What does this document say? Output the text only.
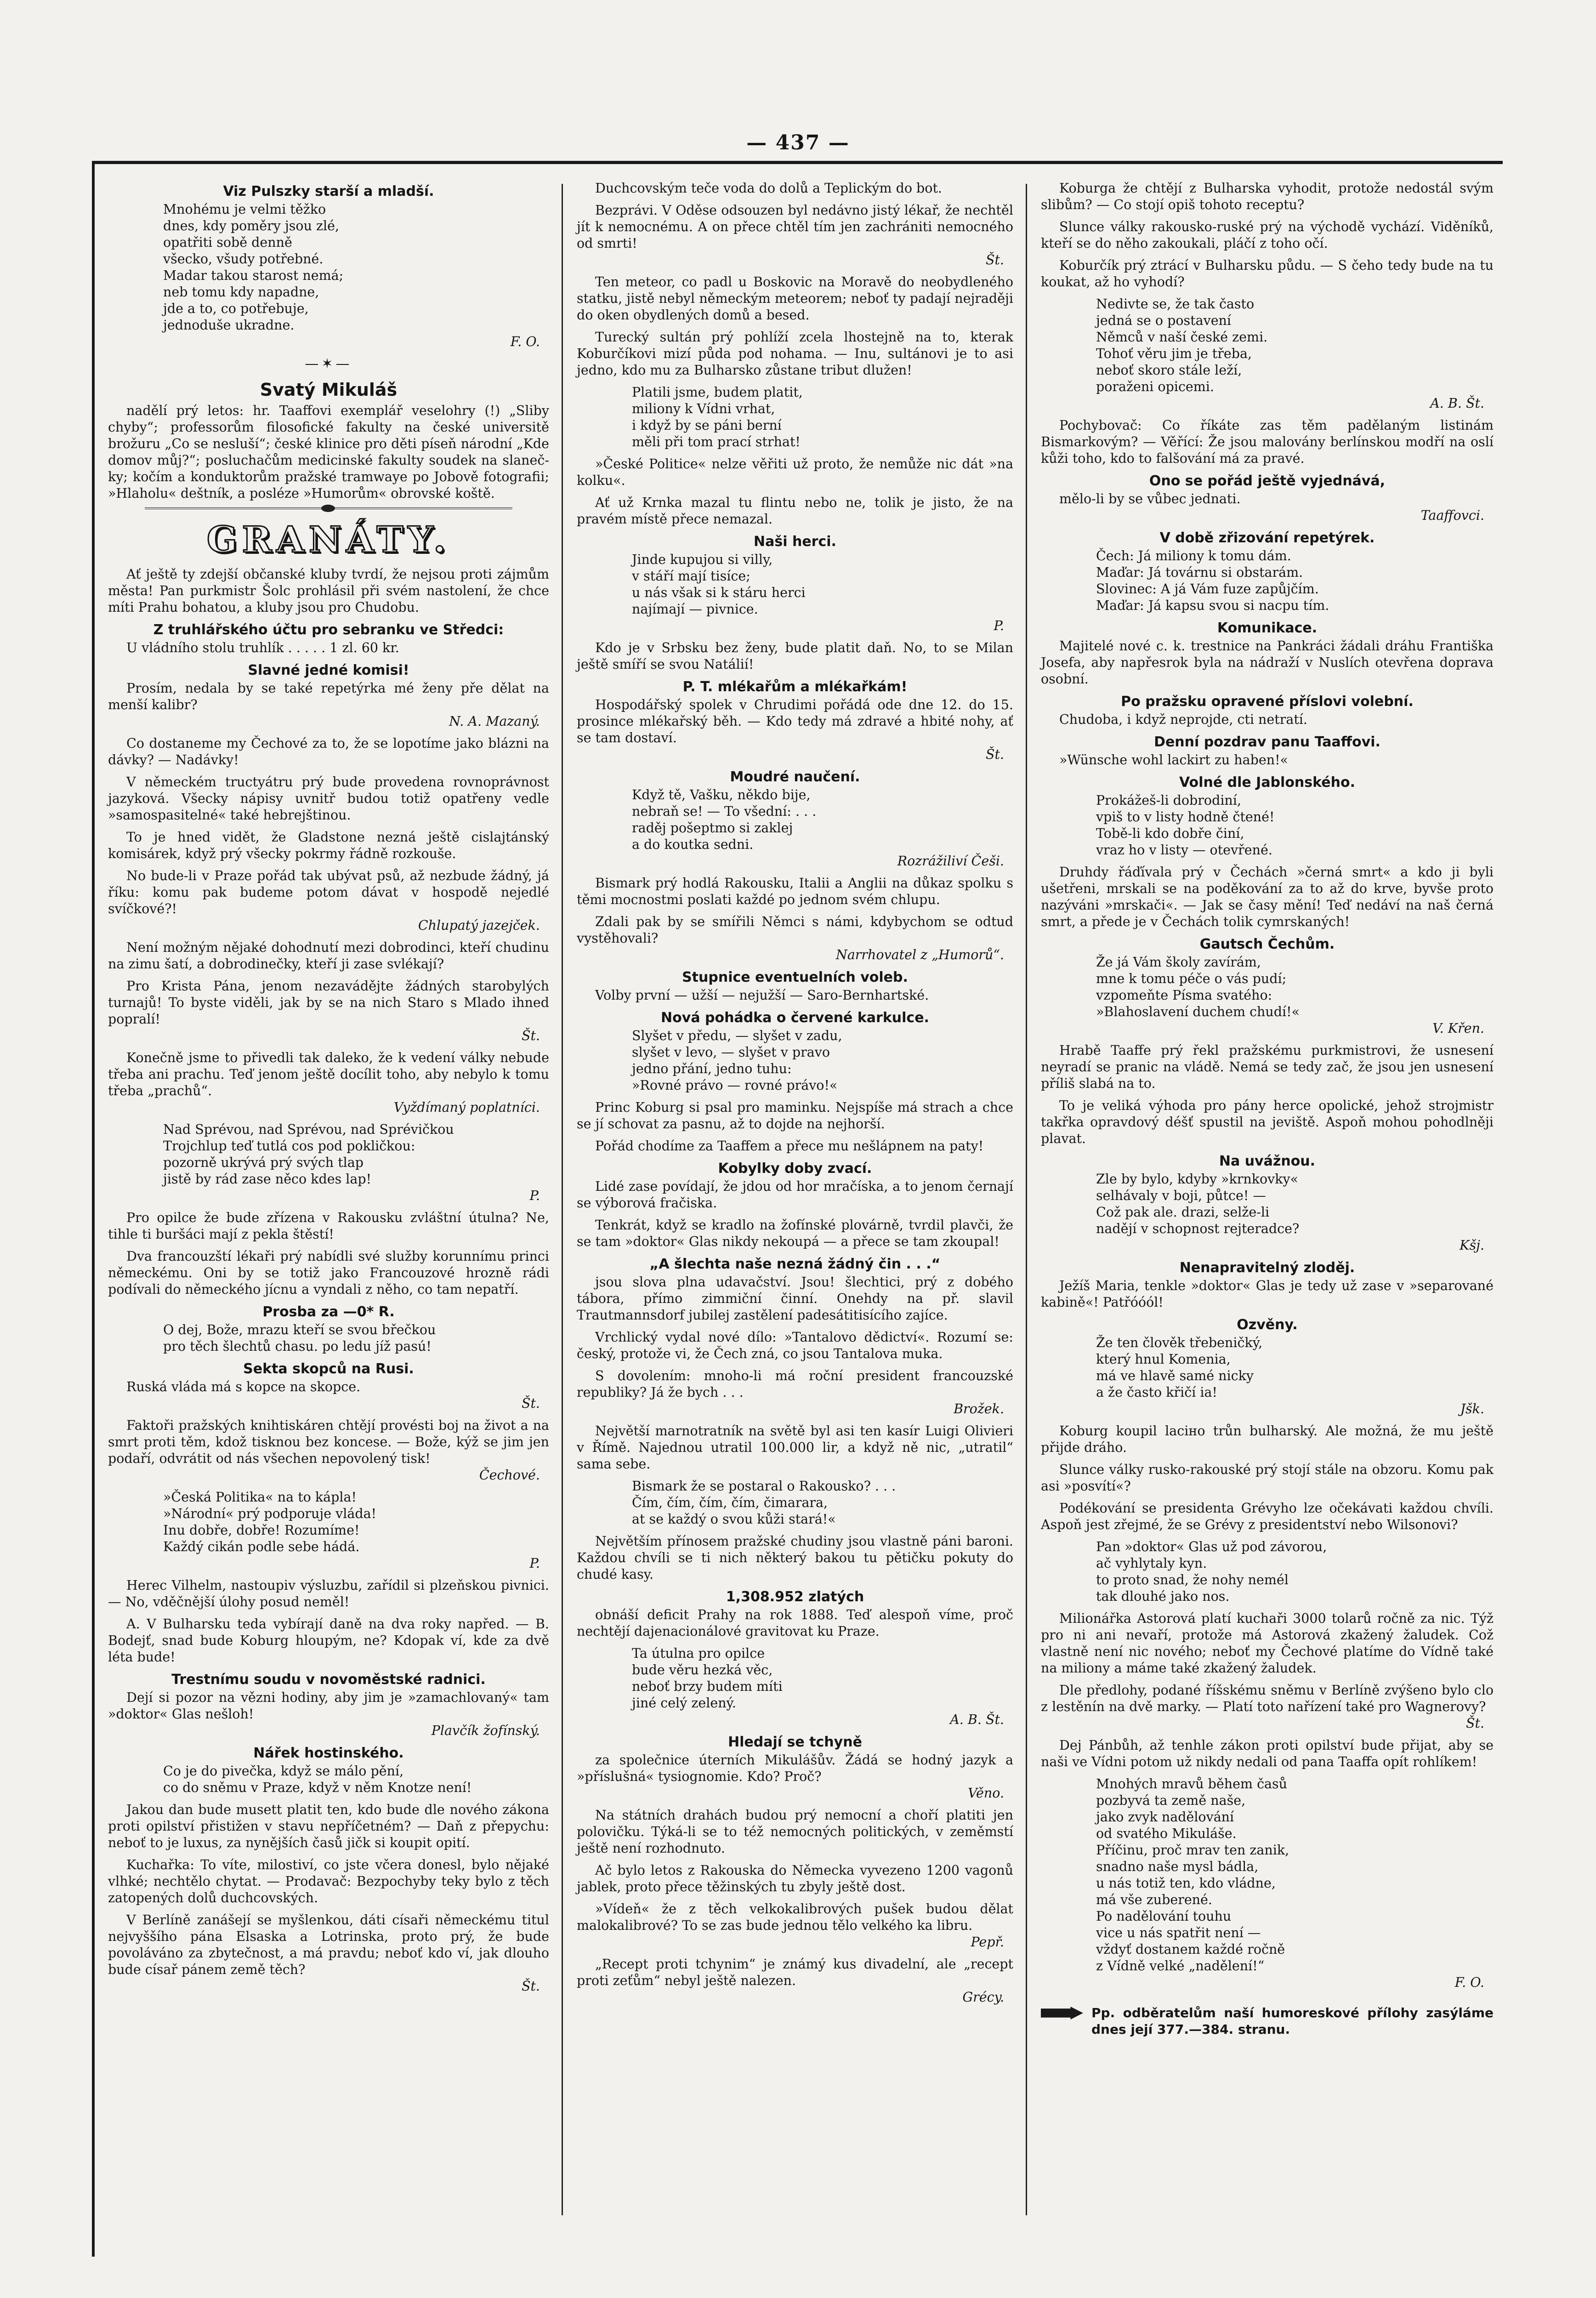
— 437 —
Viz Pulszky starší a mladší.
Mnohému je velmi těžko
dnes, kdy poměry jsou zlé,
opatřiti sobě denně
všecko, všudy potřebné.
Madar takou starost nemá;
neb tomu kdy napadne,
jde a to, co potřebuje,
jednoduše ukradne.
F. O.
—✶—
Svatý Mikuláš
nadělí prý letos: hr. Taaffovi exemplář veselohry (!) „Sliby chyby“; professorům filosofické fakulty na české universitě brožuru „Co se nesluší“; české klinice pro děti píseň národní „Kde domov můj?“; posluchačům medicinské fakulty soudek na slanečky; kočím a konduktorům pražské tramwaye po Jobově fotografii; »Hlaholu« deštník, a posléze »Humorům« obrovské koště.
GRANÁTY.
Ať ještě ty zdejší občanské kluby tvrdí, že nejsou proti zájmům města! Pan purkmistr Šolc prohlásil při svém nastolení, že chce míti Prahu bohatou, a kluby jsou pro Chudobu.
Z truhlářského účtu pro sebranku ve Středci:
U vládního stolu truhlík . . . . . 1 zl. 60 kr.
Slavné jedné komisi!
Prosím, nedala by se také repetýrka mé ženy pře dělat na menší kalibr?
N. A. Mazaný.
Co dostaneme my Čechové za to, že se lopotíme jako blázni na dávky? — Nadávky!
V německém tructyátru prý bude provedena rovnoprávnost jazyková. Všecky nápisy uvnitř budou totiž opatřeny vedle »samospasitelné« také hebrejštinou.
To je hned vidět, že Gladstone nezná ještě cislajtánský komisárek, když prý všecky pokrmy řádně rozkouše.
No bude-li v Praze pořád tak ubývat psů, až nezbude žádný, já říku: komu pak budeme potom dávat v hospodě nejedlé svíčkové?!
Chlupatý jazejček.
Není možným nějaké dohodnutí mezi dobrodinci, kteří chudinu na zimu šatí, a dobrodinečky, kteří ji zase svlékají?
Pro Krista Pána, jenom nezavádějte žádných starobylých turnajů! To byste viděli, jak by se na nich Staro s Mlado ihned popralí!
Št.
Konečně jsme to přivedli tak daleko, že k vedení války nebude třeba ani prachu. Teď jenom ještě docílit toho, aby nebylo k tomu třeba „prachů“.
Vyždímaný poplatníci.
Nad Sprévou, nad Sprévou, nad Sprévičkou
Trojchlup teď tutlá cos pod pokličkou:
pozorně ukrývá prý svých tlap
jistě by rád zase něco kdes lap!
P.
Pro opilce že bude zřízena v Rakousku zvláštní útulna? Ne, tihle ti buršáci mají z pekla štěstí!
Dva francouzští lékaři prý nabídli své služby korunnímu princi německému. Oni by se totiž jako Francouzové hrozně rádi podívali do německého jícnu a vyndali z něho, co tam nepatří.
Prosba za —0* R.
O dej, Bože, mrazu kteří se svou břečkou
pro těch šlechtů chasu. po ledu jíž pasú!
Sekta skopců na Rusi.
Ruská vláda má s kopce na skopce.
Št.
Faktoři pražských knihtiskáren chtějí provésti boj na život a na smrt proti těm, kdož tisknou bez koncese. — Bože, kýž se jim jen podaří, odvrátit od nás všechen nepovolený tisk!
Čechové.
»Česká Politika« na to kápla!
»Národní« prý podporuje vláda!
Inu dobře, dobře! Rozumíme!
Každý cikán podle sebe hádá.
P.
Herec Vilhelm, nastoupiv výsluzbu, zařídil si plzeňskou pivnici. — No, vděčnější úlohy posud neměl!
A. V Bulharsku teda vybírají daně na dva roky napřed. — B. Bodejť, snad bude Koburg hloupým, ne? Kdopak ví, kde za dvě léta bude!
Trestnímu soudu v novoměstské radnici.
Dejí si pozor na vězni hodiny, aby jim je »zamachlovaný« tam »doktor« Glas nešloh!
Plavčík žofínský.
Nářek hostinského.
Co je do pivečka, když se málo pění,
co do sněmu v Praze, když v něm Knotze není!
Jakou dan bude musett platit ten, kdo bude dle nového zákona proti opilství přistižen v stavu nepříčetném? — Daň z přepychu: neboť to je luxus, za nynějších časů jičk si koupit opití.
Kuchařka: To víte, milostiví, co jste včera donesl, bylo nějaké vlhké; nechtělo chytat. — Prodavač: Bezpochyby teky bylo z těch zatopených dolů duchcovských.
V Berlíně zanášejí se myšlenkou, dáti císaři německému titul nejvyššího pána Elsaska a Lotrinska, proto prý, že bude povoláváno za zbytečnost, a má pravdu; neboť kdo ví, jak dlouho bude císař pánem země těch?
Št.
Duchcovským teče voda do dolů a Teplickým do bot.
Bezprávi. V Oděse odsouzen byl nedávno jistý lékař, že nechtěl jít k nemocnému. A on přece chtěl tím jen zachrániti nemocného od smrti!
Št.
Ten meteor, co padl u Boskovic na Moravě do neobydleného statku, jistě nebyl německým meteorem; neboť ty padají nejraději do oken obydlených domů a besed.
Turecký sultán prý pohlíží zcela lhostejně na to, kterak Koburčíkovi mizí půda pod nohama. — Inu, sultánovi je to asi jedno, kdo mu za Bulharsko zůstane tribut dlužen!
Platili jsme, budem platit,
miliony k Vídni vrhat,
i když by se páni berní
měli při tom prací strhat!
»České Politice« nelze věřiti už proto, že nemůže nic dát »na kolku«.
Ať už Krnka mazal tu flintu nebo ne, tolik je jisto, že na pravém místě přece nemazal.
Naši herci.
Jinde kupujou si villy,
v stáří mají tisíce;
u nás však si k stáru herci
najímají — pivnice.
P.
Kdo je v Srbsku bez ženy, bude platit daň. No, to se Milan ještě smíří se svou Natálií!
P. T. mlékařům a mlékařkám!
Hospodářský spolek v Chrudimi pořádá ode dne 12. do 15. prosince mlékařský běh. — Kdo tedy má zdravé a hbité nohy, ať se tam dostaví.
Št.
Moudré naučení.
Když tě, Vašku, někdo bije,
nebraň se! — To všední: . . .
raděj pošeptmo si zaklej
a do koutka sedni.
Rozrážiliví Češi.
Bismark prý hodlá Rakousku, Italii a Anglii na důkaz spolku s těmi mocnostmi poslati každé po jednom svém chlupu.
Zdali pak by se smířili Němci s námi, kdybychom se odtud vystěhovali?
Narrhovatel z „Humorů“.
Stupnice eventuelních voleb.
Volby první — užší — nejužší — Saro-Bernhartské.
Nová pohádka o červené karkulce.
Slyšet v předu, — slyšet v zadu,
slyšet v levo, — slyšet v pravo
jedno přání, jedno tuhu:
»Rovné právo — rovné právo!«
Princ Koburg si psal pro maminku. Nejspíše má strach a chce se jí schovat za pasnu, až to dojde na nejhorší.
Pořád chodíme za Taaffem a přece mu nešlápnem na paty!
Kobylky doby zvací.
Lidé zase povídají, že jdou od hor mračíska, a to jenom černají se výborová fračiska.
Tenkrát, když se kradlo na žofínské plovárně, tvrdil plavči, že se tam »doktor« Glas nikdy nekoupá — a přece se tam zkoupal!
„A šlechta naše nezná žádný čin . . .“
jsou slova plna udavačství. Jsou! šlechtici, prý z dobého tábora, přímo zimmiční činní. Onehdy na př. slavil Trautmannsdorf jubilej zastělení padesátitisícího zajíce.
Vrchlický vydal nové dílo: »Tantalovo dědictví«. Rozumí se: český, protože vi, že Čech zná, co jsou Tantalova muka.
S dovolením: mnoho-li má roční president francouzské republiky? Já že bych . . .
Brožek.
Největší marnotratník na světě byl asi ten kasír Luigi Olivieri v Římě. Najednou utratil 100.000 lir, a když ně nic, „utratil“ sama sebe.
Bismark že se postaral o Rakousko? . . .
Čím, čím, čím, čím, čimarara,
at se každý o svou kůži stará!«
Největším přínosem pražské chudiny jsou vlastně páni baroni. Každou chvíli se ti nich některý bakou tu pětičku pokuty do chudé kasy.
1,308.952 zlatých
obnáší deficit Prahy na rok 1888. Teď alespoň víme, proč nechtějí dajenacionálové gravitovat ku Praze.
Ta útulna pro opilce
bude věru hezká věc,
neboť brzy budem míti
jiné celý zelený.
A. B. Št.
Hledají se tchyně
za společnice úterních Mikulášův. Žádá se hodný jazyk a »příslušná« tysiognomie. Kdo? Proč?
Věno.
Na státních drahách budou prý nemocní a choří platiti jen polovičku. Týká-li se to též nemocných politických, v zeměmstí ještě není rozhodnuto.
Ač bylo letos z Rakouska do Německa vyvezeno 1200 vagonů jablek, proto přece těžinských tu zbyly ještě dost.
»Vídeň« že z těch velkokalibrových pušek budou dělat malokalibrové? To se zas bude jednou tělo velkého ka libru.
Pepř.
„Recept proti tchynim“ je známý kus divadelní, ale „recept proti zeťům“ nebyl ještě nalezen.
Grécy.
Koburga že chtějí z Bulharska vyhodit, protože nedostál svým slibům? — Co stojí opiš tohoto receptu?
Slunce války rakousko-ruské prý na východě vychází. Viděníků, kteří se do něho zakoukali, pláčí z toho očí.
Koburčík prý ztrácí v Bulharsku půdu. — S čeho tedy bude na tu koukat, až ho vyhodí?
Nedivte se, že tak často
jedná se o postavení
Němců v naší české zemi.
Tohoť věru jim je třeba,
neboť skoro stále leží,
poraženi opicemi.
A. B. Št.
Pochybovač: Co říkáte zas těm padělaným listinám Bismarkovým? — Věřící: Že jsou malovány berlínskou modří na oslí kůži toho, kdo to falšování má za pravé.
Ono se pořád ještě vyjednává,
mělo-li by se vůbec jednati.
Taaffovci.
V době zřizování repetýrek.
Čech: Já miliony k tomu dám.
Maďar: Já továrnu si obstarám.
Slovinec: A já Vám fuze zapůjčím.
Maďar: Já kapsu svou si nacpu tím.
Komunikace.
Majitelé nové c. k. trestnice na Pankráci žádali dráhu Františka Josefa, aby napřesrok byla na nádraží v Nuslích otevřena doprava osobní.
Po pražsku opravené příslovi volební.
Chudoba, i když neprojde, cti netratí.
Denní pozdrav panu Taaffovi.
»Wünsche wohl lackirt zu haben!«
Volné dle Jablonského.
Prokážeš-li dobrodiní,
vpiš to v listy hodně čtené!
Tobě-li kdo dobře činí,
vraz ho v listy — otevřené.
Druhdy řáďívala prý v Čechách »černá smrt« a kdo ji byli ušetřeni, mrskali se na poděkování za to až do krve, byvše proto nazýváni »mrskači«. — Jak se časy mění! Teď nedáví na naš černá smrt, a přede je v Čechách tolik cymrskaných!
Gautsch Čechům.
Že já Vám školy zavírám,
mne k tomu péče o vás pudí;
vzpomeňte Písma svatého:
»Blahoslavení duchem chudí!«
V. Křen.
Hrabě Taaffe prý řekl pražskému purkmistrovi, že usnesení neyradí se pranic na vládě. Nemá se tedy zač, že jsou jen usnesení příliš slabá na to.
To je veliká výhoda pro pány herce opolické, jehož strojmistr takřka opravdový déšť spustil na jeviště. Aspoň mohou pohodlněji plavat.
Na uvážnou.
Zle by bylo, kdyby »krnkovky«
selhávaly v boji, půtce! —
Což pak ale. drazi, selže-li
nadějí v schopnost rejteradce?
Kšj.
Nenapravitelný zloděj.
Ježíš Maria, tenkle »doktor« Glas je tedy už zase v »separované kabině«! Patřóóól!
Ozvěny.
Že ten člověk třebeničký,
který hnul Komenia,
má ve hlavě samé nicky
a že často křičí ia!
Jšk.
Koburg koupil laciно trůn bulharský. Ale možná, že mu ještě přijde dráho.
Slunce války rusko-rakouské prý stojí stále na obzoru. Komu pak asi »posvítí«?
Podékování se presidenta Grévyho lze očekávati každou chvíli. Aspoň jest zřejmé, že se Grévy z presidentství nebo Wilsonovi?
Pan »doktor« Glas už pod závorou,
ač vyhlytaly kyn.
to proto snad, že nohy nemél
tak dlouhé jako nos.
Milionářka Astorová platí kuchaři 3000 tolarů ročně za nic. Týž pro ni ani nevaří, protože má Astorová zkažený žaludek. Což vlastně není nic nového; neboť my Čechové platíme do Vídně také na miliony a máme také zkažený žaludek.
Dle předlohy, podané říšskému sněmu v Berlíně zvýšeno bylo clo z lestěnín na dvě marky. — Platí toto nařízení také pro Wagnerovy?
Št.
Dej Pánbůh, až tenhle zákon proti opilství bude přijat, aby se naši ve Vídni potom už nikdy nedali od pana Taaffa opít rohlíkem!
Mnohých mravů během časů
pozbyvá ta země naše,
jako zvyk nadělování
od svatého Mikuláše.
Příčinu, proč mrav ten zanik,
snadno naše mysl bádla,
u nás totiž ten, kdo vládne,
má vše zuberené.
Po nadělování touhu
vice u nás spatřit není —
vždyť dostanem každé ročně
z Vídně velké „nadělení!“
F. O.
Pp. odběratelům naší humoreskové přílohy zasýláme dnes její 377.—384. stranu.
